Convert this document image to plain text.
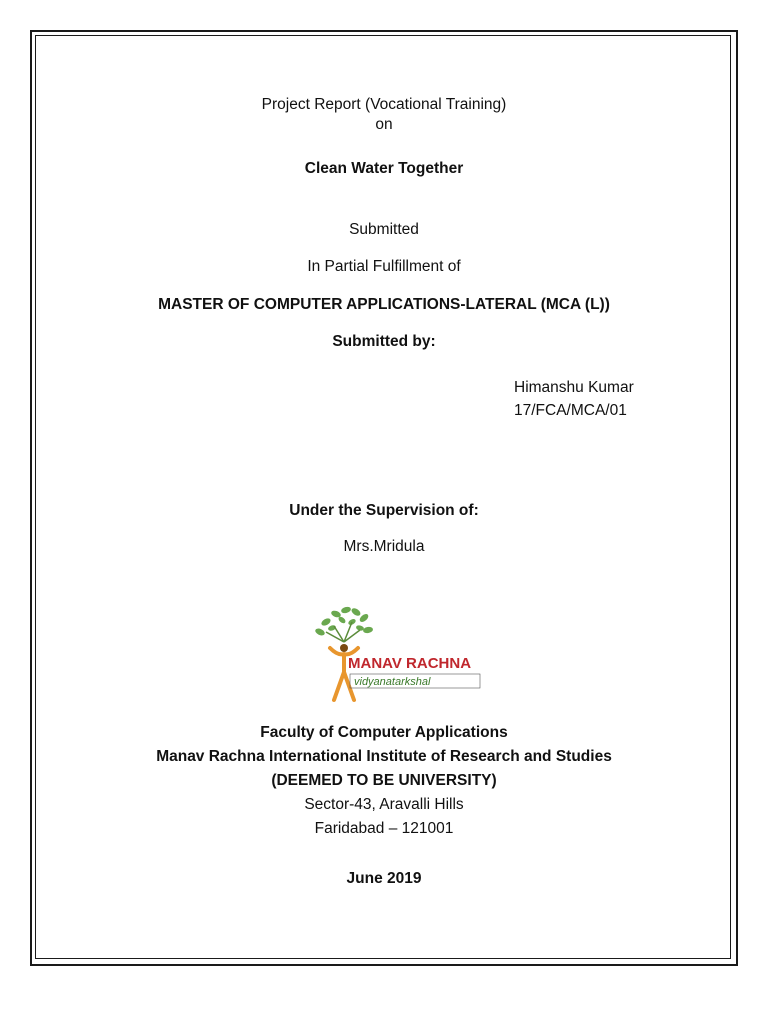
Project Report (Vocational Training)
on
Clean Water Together
Submitted
In Partial Fulfillment of
MASTER OF COMPUTER APPLICATIONS-LATERAL (MCA (L))
Submitted by:
Himanshu Kumar
17/FCA/MCA/01
Under the Supervision of:
Mrs.Mridula
MANAV RACHNA
vidyanatarkshal
Faculty of Computer Applications
Manav Rachna International Institute of Research and Studies
(DEEMED TO BE UNIVERSITY)
Sector-43, Aravalli Hills
Faridabad – 121001
June 2019
